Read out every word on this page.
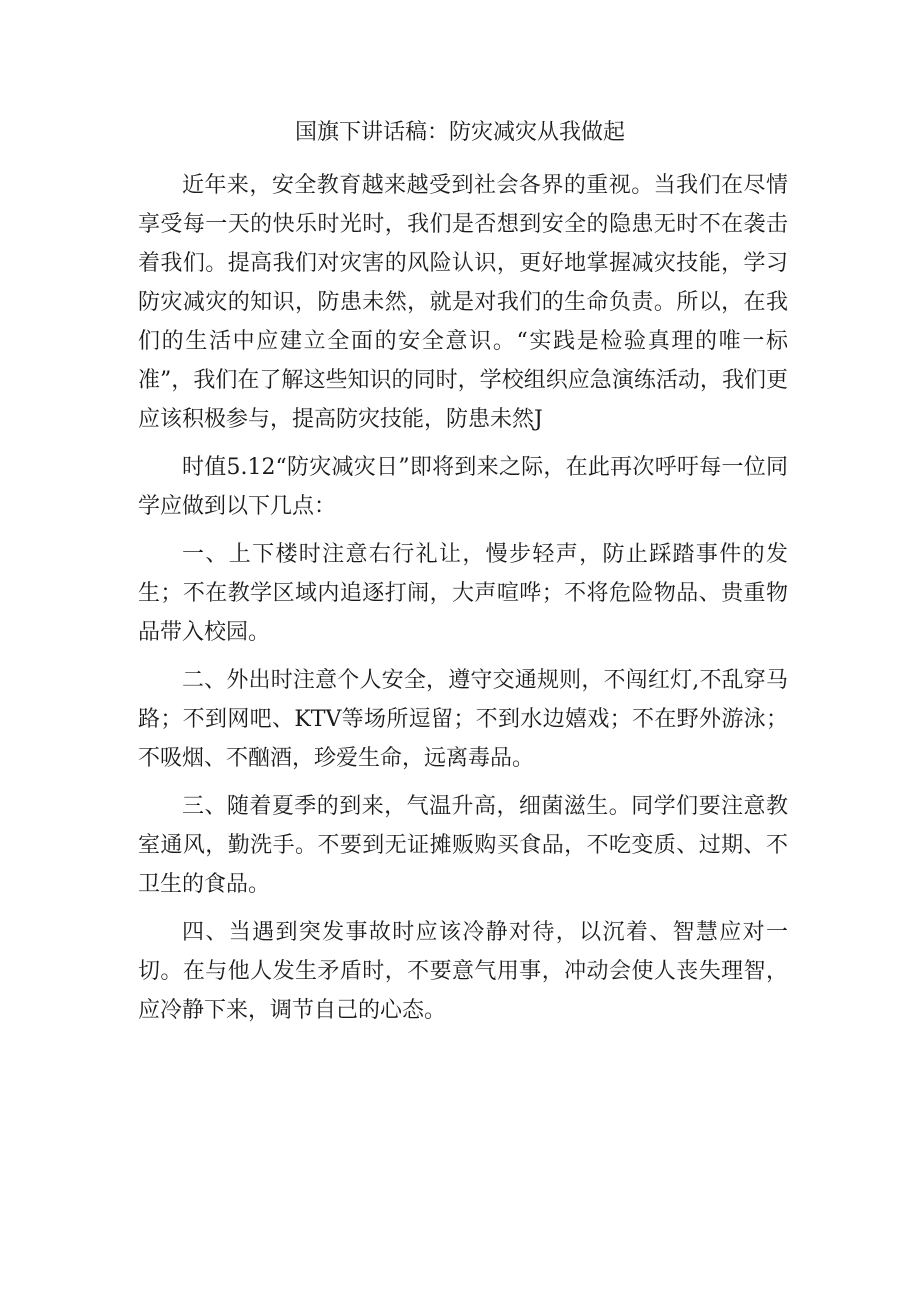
国旗下讲话稿：防灾减灾从我做起

近年来，安全教育越来越受到社会各界的重视。当我们在尽情享受每一天的快乐时光时，我们是否想到安全的隐患无时不在袭击着我们。提高我们对灾害的风险认识，更好地掌握减灾技能，学习防灾减灾的知识，防患未然，就是对我们的生命负责。所以，在我们的生活中应建立全面的安全意识。“实践是检验真理的唯一标准”，我们在了解这些知识的同时，学校组织应急演练活动，我们更应该积极参与，提高防灾技能，防患未然J

时值5.12“防灾减灾日”即将到来之际，在此再次呼吁每一位同学应做到以下几点：

一、上下楼时注意右行礼让，慢步轻声，防止踩踏事件的发生；不在教学区域内追逐打闹，大声喧哗；不将危险物品、贵重物品带入校园。

二、外出时注意个人安全，遵守交通规则，不闯红灯,不乱穿马路；不到网吧、KTV等场所逗留；不到水边嬉戏；不在野外游泳；不吸烟、不酗酒，珍爱生命，远离毒品。

三、随着夏季的到来，气温升高，细菌滋生。同学们要注意教室通风，勤洗手。不要到无证摊贩购买食品，不吃变质、过期、不卫生的食品。

四、当遇到突发事故时应该冷静对待，以沉着、智慧应对一切。在与他人发生矛盾时，不要意气用事，冲动会使人丧失理智，应冷静下来，调节自己的心态。
